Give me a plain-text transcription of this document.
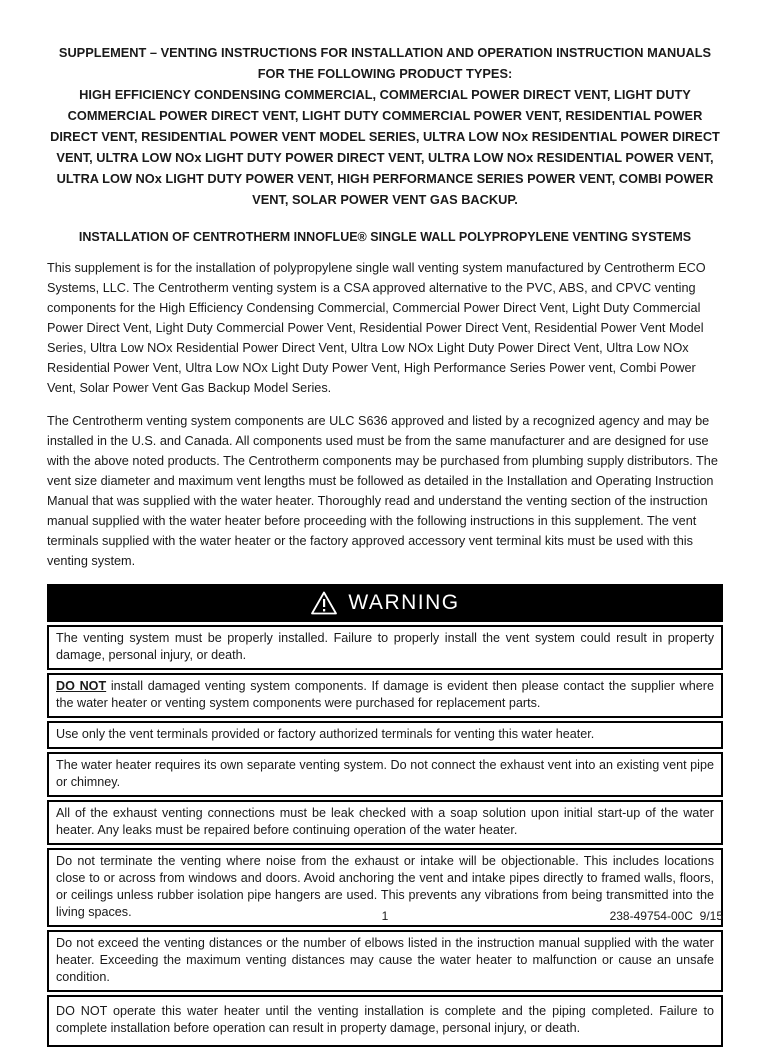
SUPPLEMENT – VENTING INSTRUCTIONS FOR INSTALLATION AND OPERATION INSTRUCTION MANUALS FOR THE FOLLOWING PRODUCT TYPES:
HIGH EFFICIENCY CONDENSING COMMERCIAL, COMMERCIAL POWER DIRECT VENT, LIGHT DUTY COMMERCIAL POWER DIRECT VENT, LIGHT DUTY COMMERCIAL POWER VENT, RESIDENTIAL POWER DIRECT VENT, RESIDENTIAL POWER VENT MODEL SERIES, ULTRA LOW NOx RESIDENTIAL POWER DIRECT VENT, ULTRA LOW NOx LIGHT DUTY POWER DIRECT VENT, ULTRA LOW NOx RESIDENTIAL POWER VENT, ULTRA LOW NOx LIGHT DUTY POWER VENT, HIGH PERFORMANCE SERIES POWER VENT, COMBI POWER VENT, SOLAR POWER VENT GAS BACKUP.
INSTALLATION OF CENTROTHERM INNOFLUE® SINGLE WALL POLYPROPYLENE VENTING SYSTEMS

This supplement is for the installation of polypropylene single wall venting system manufactured by Centrotherm ECO Systems, LLC. The Centrotherm venting system is a CSA approved alternative to the PVC, ABS, and CPVC venting components for the High Efficiency Condensing Commercial, Commercial Power Direct Vent, Light Duty Commercial Power Direct Vent, Light Duty Commercial Power Vent, Residential Power Direct Vent, Residential Power Vent Model Series, Ultra Low NOx Residential Power Direct Vent, Ultra Low NOx Light Duty Power Direct Vent, Ultra Low NOx Residential Power Vent, Ultra Low NOx Light Duty Power Vent, High Performance Series Power vent, Combi Power Vent, Solar Power Vent Gas Backup Model Series.

The Centrotherm venting system components are ULC S636 approved and listed by a recognized agency and may be installed in the U.S. and Canada. All components used must be from the same manufacturer and are designed for use with the above noted products. The Centrotherm components may be purchased from plumbing supply distributors. The vent size diameter and maximum vent lengths must be followed as detailed in the Installation and Operating Instruction Manual that was supplied with the water heater. Thoroughly read and understand the venting section of the instruction manual supplied with the water heater before proceeding with the following instructions in this supplement. The vent terminals supplied with the water heater or the factory approved accessory vent terminal kits must be used with this venting system.

WARNING
The venting system must be properly installed. Failure to properly install the vent system could result in property damage, personal injury, or death.
DO NOT install damaged venting system components. If damage is evident then please contact the supplier where the water heater or venting system components were purchased for replacement parts.
Use only the vent terminals provided or factory authorized terminals for venting this water heater.
The water heater requires its own separate venting system. Do not connect the exhaust vent into an existing vent pipe or chimney.
All of the exhaust venting connections must be leak checked with a soap solution upon initial start-up of the water heater. Any leaks must be repaired before continuing operation of the water heater.
Do not terminate the venting where noise from the exhaust or intake will be objectionable. This includes locations close to or across from windows and doors. Avoid anchoring the vent and intake pipes directly to framed walls, floors, or ceilings unless rubber isolation pipe hangers are used. This prevents any vibrations from being transmitted into the living spaces.
Do not exceed the venting distances or the number of elbows listed in the instruction manual supplied with the water heater. Exceeding the maximum venting distances may cause the water heater to malfunction or cause an unsafe condition.
DO NOT operate this water heater until the venting installation is complete and the piping completed. Failure to complete installation before operation can result in property damage, personal injury, or death.
1	238-49754-00C  9/15
